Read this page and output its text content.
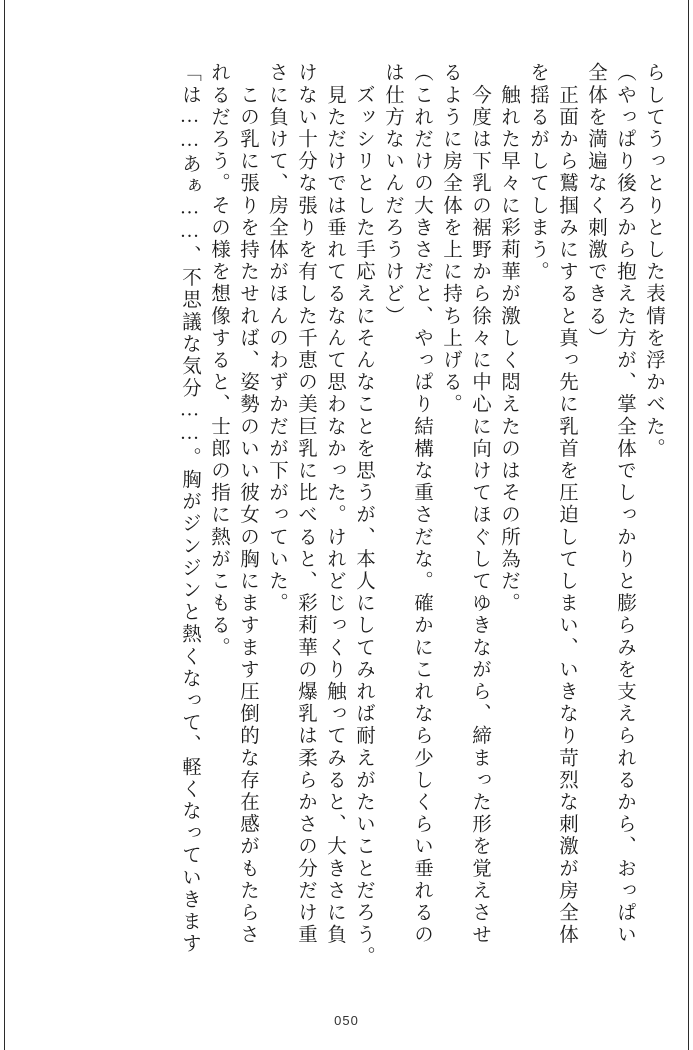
らしてうっとりとした表情を浮かべた。
（やっぱり後ろから抱えた方が、掌全体でしっかりと膨らみを支えられるから、おっぱい
全体を満遍なく刺激できる）
　正面から鷲掴みにすると真っ先に乳首を圧迫してしまい、いきなり苛烈な刺激が房全体
を揺るがしてしまう。
　触れた早々に彩莉華が激しく悶えたのはその所為だ。
　今度は下乳の裾野から徐々に中心に向けてほぐしてゆきながら、締まった形を覚えさせ
るように房全体を上に持ち上げる。
（これだけの大きさだと、やっぱり結構な重さだな。確かにこれなら少しくらい垂れるの
は仕方ないんだろうけど）
　ズッシリとした手応えにそんなことを思うが、本人にしてみれば耐えがたいことだろう。
　見ただけでは垂れてるなんて思わなかった。けれどじっくり触ってみると、大きさに負
けない十分な張りを有した千恵の美巨乳に比べると、彩莉華の爆乳は柔らかさの分だけ重
さに負けて、房全体がほんのわずかだが下がっていた。
　この乳に張りを持たせれば、姿勢のいい彼女の胸にますます圧倒的な存在感がもたらさ
れるだろう。その様を想像すると、士郎の指に熱がこもる。
「は……あぁ……、不思議な気分……。胸がジンジンと熱くなって、軽くなっていきます
050
